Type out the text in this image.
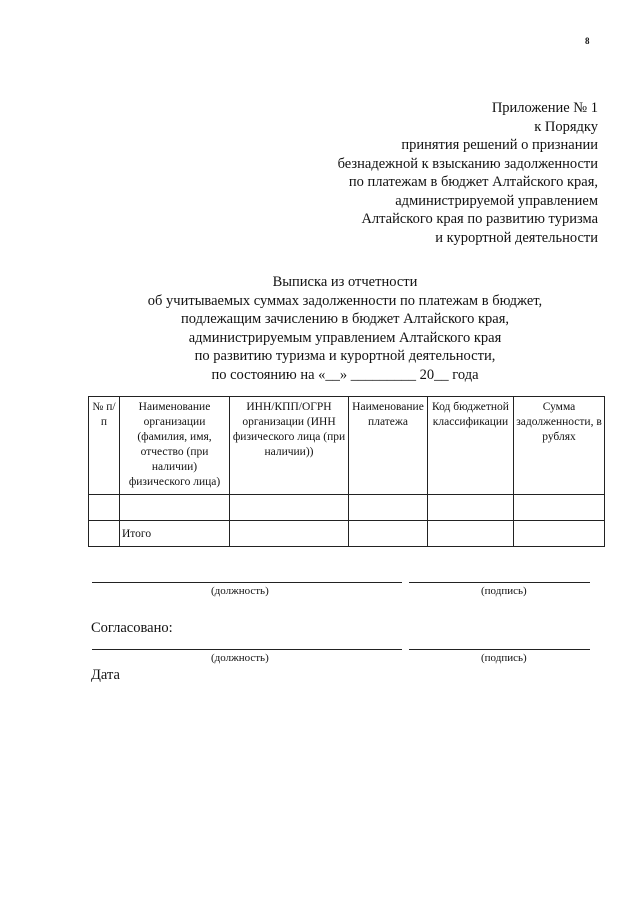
8
Приложение № 1
к Порядку
принятия решений о признании
безнадежной к взысканию задолженности
по платежам в бюджет Алтайского края,
администрируемой управлением
Алтайского края по развитию туризма
и курортной деятельности
Выписка из отчетности
об учитываемых суммах задолженности по платежам в бюджет,
подлежащим зачислению в бюджет Алтайского края,
администрируемым управлением Алтайского края
по развитию туризма и курортной деятельности,
по состоянию на «__» _________ 20__ года
№ п/п	Наименование организации (фамилия, имя, отчество (при наличии) физического лица)	ИНН/КПП/ОГРН организации (ИНН физического лица (при наличии))	Наименование платежа	Код бюджетной классификации	Сумма задолженности, в рублях

	Итого				
(должность)	(подпись)
Согласовано:
(должность)	(подпись)
Дата
